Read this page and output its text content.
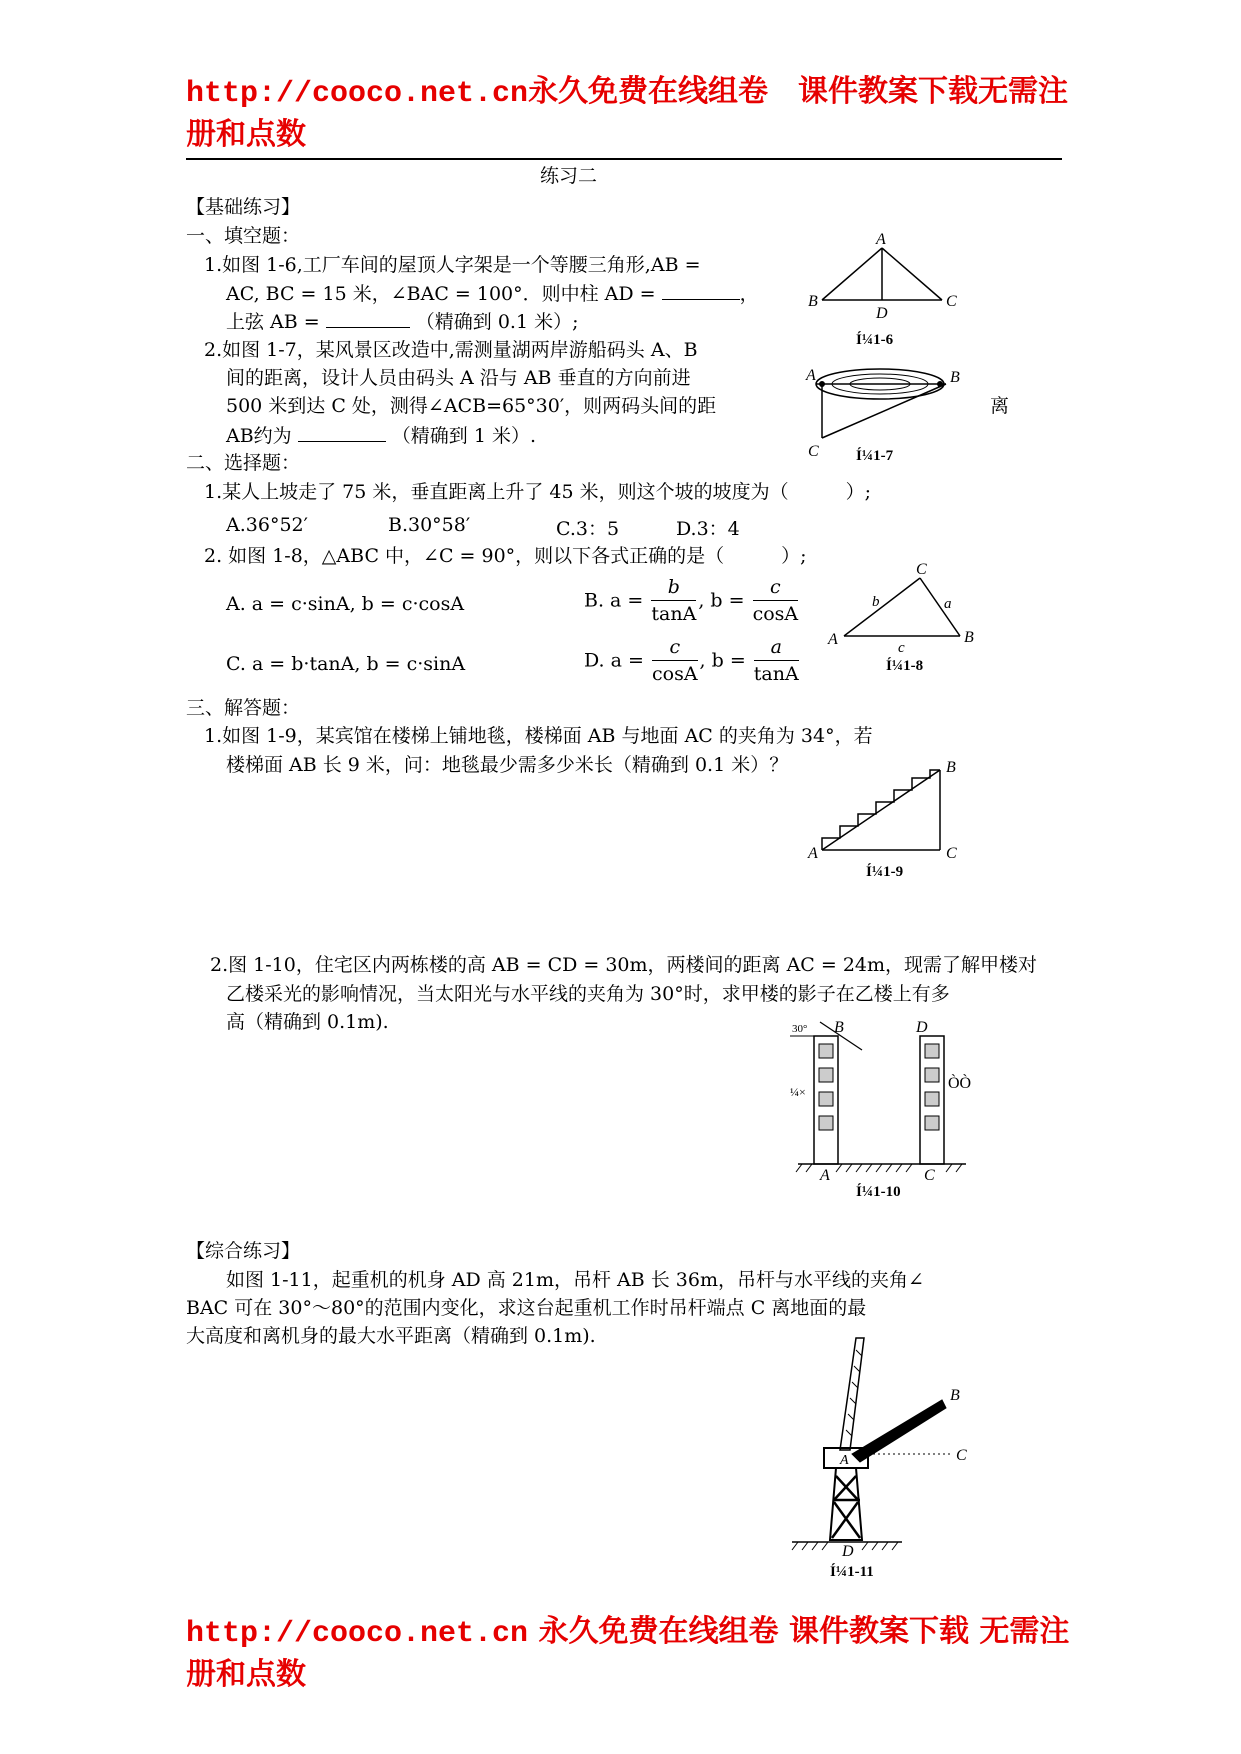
http://cooco.net.cn永久免费在线组卷　课件教案下载无需注
册和点数
练习二
【基础练习】
一、填空题：
1.如图 1-6,工厂车间的屋顶人字架是一个等腰三角形,AB =
AC, BC = 15 米，∠BAC = 100°．则中柱 AD =	，
上弦 AB =	（精确到 0.1 米）;
2.如图 1-7，某风景区改造中,需测量湖两岸游船码头 A、B
间的距离，设计人员由码头 A 沿与 AB 垂直的方向前进
500 米到达 C 处，测得∠ACB=65°30′，则两码头间的距	离
AB约为	（精确到 1 米）.
二、选择题：
1.某人上坡走了 75 米，垂直距离上升了 45 米，则这个坡的坡度为（　　　）;
A.36°52′	B.30°58′	C.3：5	D.3：4
2. 如图 1-8，△ABC 中，∠C = 90°，则以下各式正确的是（　　　）;
A. a = c·sinA, b = c·cosA	B. $a = \frac{b}{\tan A}$ , $b = \frac{c}{\cos A}$
C. a = b·tanA, b = c·sinA	D. $a = \frac{c}{\cos A}$ , $b = \frac{a}{\tan A}$
三、解答题：
1.如图 1-9，某宾馆在楼梯上铺地毯，楼梯面 AB 与地面 AC 的夹角为 34°，若
楼梯面 AB 长 9 米，问：地毯最少需多少米长（精确到 0.1 米）？
2.图 1-10，住宅区内两栋楼的高 AB = CD = 30m，两楼间的距离 AC = 24m，现需了解甲楼对
乙楼采光的影响情况，当太阳光与水平线的夹角为 30°时，求甲楼的影子在乙楼上有多
高（精确到 0.1m).
【综合练习】
如图 1-11，起重机的机身 AD 高 21m，吊杆 AB 长 36m，吊杆与水平线的夹角∠
BAC 可在 30°～80°的范围内变化，求这台起重机工作时吊杆端点 C 离地面的最
大高度和离机身的最大水平距离（精确到 0.1m).
A
B	C
D
Í¼1-6
A	B
C Í¼1-7
C
A	B
a
b
c
Í¼1-8
A
B
C
Í¼1-9
30° B	D
¼×	ÒÒ
A	C
Í¼1-10
A
B
C
D
Í¼1-11
http://cooco.net.cn 永久免费在线组卷 课件教案下载 无需注
册和点数
